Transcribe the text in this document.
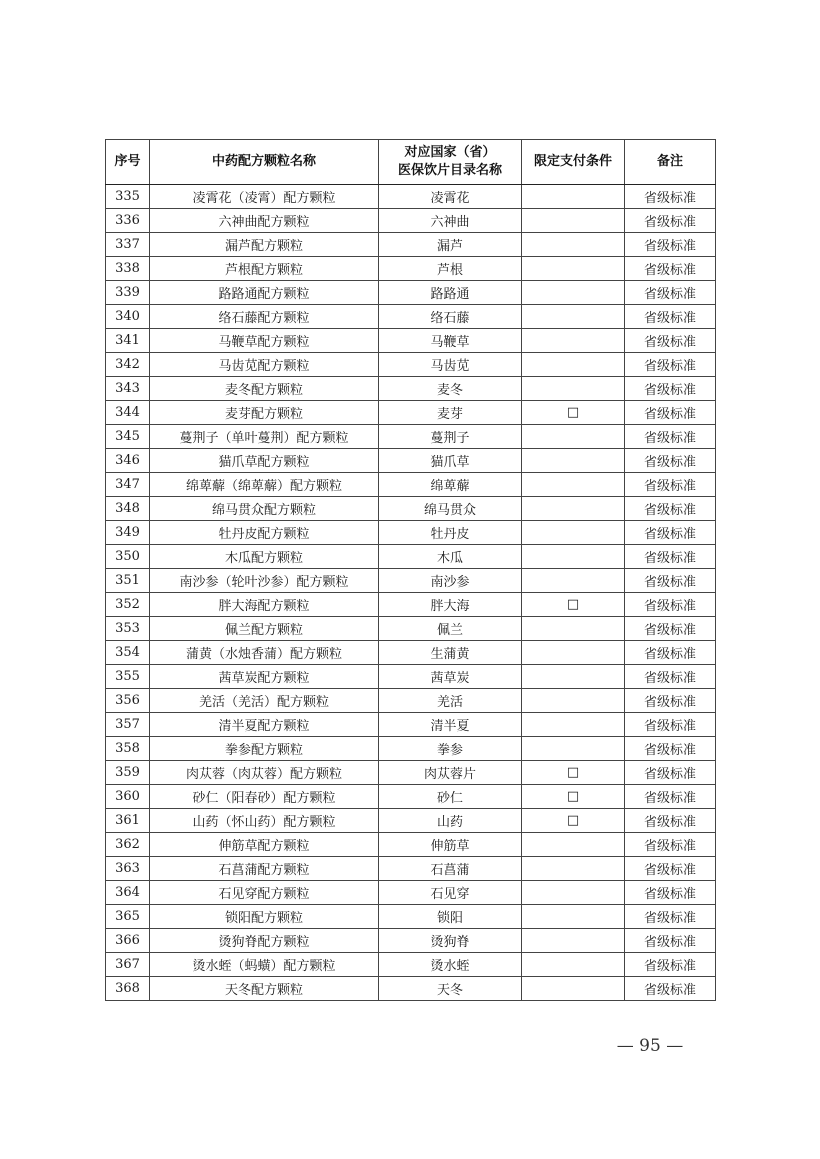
序号	中药配方颗粒名称	对应国家（省）
医保饮片目录名称	限定支付条件	备注
335	凌霄花（凌霄）配方颗粒	凌霄花		省级标准
336	六神曲配方颗粒	六神曲		省级标准
337	漏芦配方颗粒	漏芦		省级标准
338	芦根配方颗粒	芦根		省级标准
339	路路通配方颗粒	路路通		省级标准
340	络石藤配方颗粒	络石藤		省级标准
341	马鞭草配方颗粒	马鞭草		省级标准
342	马齿苋配方颗粒	马齿苋		省级标准
343	麦冬配方颗粒	麦冬		省级标准
344	麦芽配方颗粒	麦芽	□	省级标准
345	蔓荆子（单叶蔓荆）配方颗粒	蔓荆子		省级标准
346	猫爪草配方颗粒	猫爪草		省级标准
347	绵萆薢（绵萆薢）配方颗粒	绵萆薢		省级标准
348	绵马贯众配方颗粒	绵马贯众		省级标准
349	牡丹皮配方颗粒	牡丹皮		省级标准
350	木瓜配方颗粒	木瓜		省级标准
351	南沙参（轮叶沙参）配方颗粒	南沙参		省级标准
352	胖大海配方颗粒	胖大海	□	省级标准
353	佩兰配方颗粒	佩兰		省级标准
354	蒲黄（水烛香蒲）配方颗粒	生蒲黄		省级标准
355	茜草炭配方颗粒	茜草炭		省级标准
356	羌活（羌活）配方颗粒	羌活		省级标准
357	清半夏配方颗粒	清半夏		省级标准
358	拳参配方颗粒	拳参		省级标准
359	肉苁蓉（肉苁蓉）配方颗粒	肉苁蓉片	□	省级标准
360	砂仁（阳春砂）配方颗粒	砂仁	□	省级标准
361	山药（怀山药）配方颗粒	山药	□	省级标准
362	伸筋草配方颗粒	伸筋草		省级标准
363	石菖蒲配方颗粒	石菖蒲		省级标准
364	石见穿配方颗粒	石见穿		省级标准
365	锁阳配方颗粒	锁阳		省级标准
366	烫狗脊配方颗粒	烫狗脊		省级标准
367	烫水蛭（蚂蟥）配方颗粒	烫水蛭		省级标准
368	天冬配方颗粒	天冬		省级标准
— 95 —
